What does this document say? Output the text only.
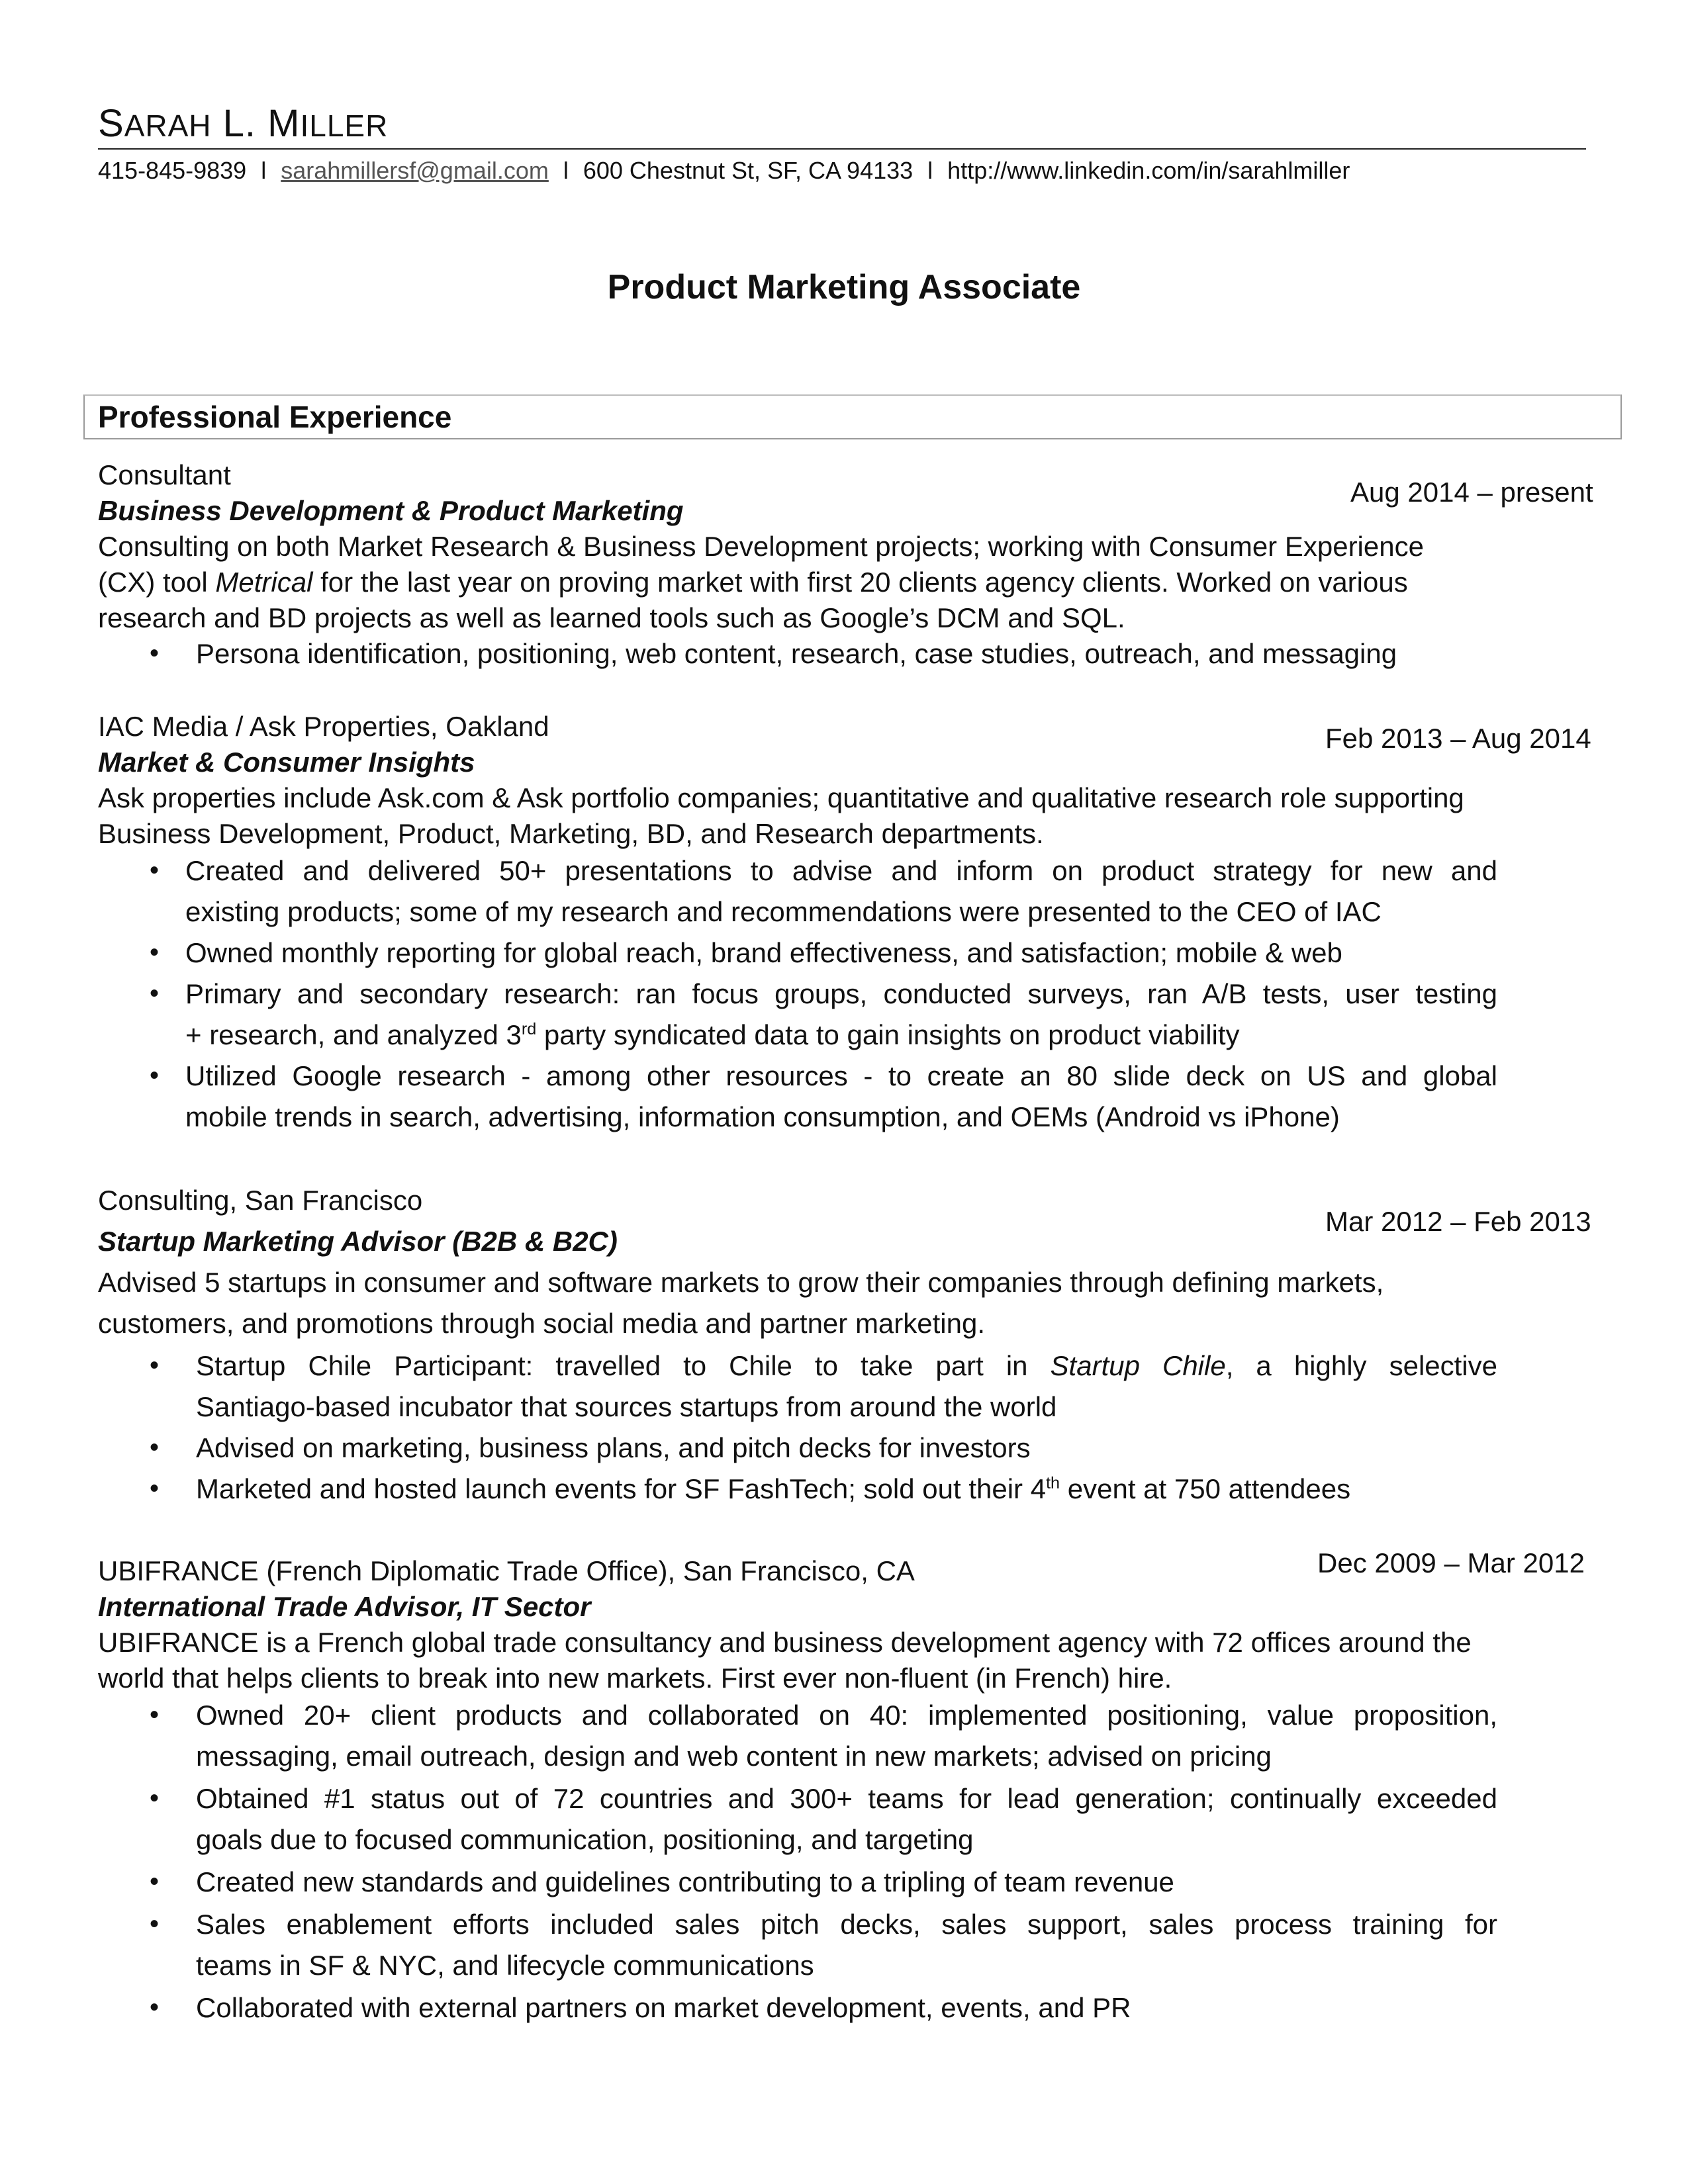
SARAH L. MILLER
415-845-9839 l sarahmillersf@gmail.com l 600 Chestnut St, SF, CA 94133 l http://www.linkedin.com/in/sarahlmiller
Product Marketing Associate
Professional Experience
Consultant
Aug 2014 – present
Business Development & Product Marketing
Consulting on both Market Research & Business Development projects; working with Consumer Experience
(CX) tool Metrical for the last year on proving market with first 20 clients agency clients. Worked on various
research and BD projects as well as learned tools such as Google’s DCM and SQL.
• Persona identification, positioning, web content, research, case studies, outreach, and messaging
IAC Media / Ask Properties, Oakland	Feb 2013 – Aug 2014
Market & Consumer Insights
Ask properties include Ask.com & Ask portfolio companies; quantitative and qualitative research role supporting
Business Development, Product, Marketing, BD, and Research departments.
• Created and delivered 50+ presentations to advise and inform on product strategy for new and
existing products; some of my research and recommendations were presented to the CEO of IAC
• Owned monthly reporting for global reach, brand effectiveness, and satisfaction; mobile & web
• Primary and secondary research: ran focus groups, conducted surveys, ran A/B tests, user testing
+ research, and analyzed 3rd party syndicated data to gain insights on product viability
• Utilized Google research - among other resources - to create an 80 slide deck on US and global
mobile trends in search, advertising, information consumption, and OEMs (Android vs iPhone)
Consulting, San Francisco
Mar 2012 – Feb 2013
Startup Marketing Advisor (B2B & B2C)
Advised 5 startups in consumer and software markets to grow their companies through defining markets,
customers, and promotions through social media and partner marketing.
• Startup Chile Participant: travelled to Chile to take part in Startup Chile, a highly selective
Santiago-based incubator that sources startups from around the world
• Advised on marketing, business plans, and pitch decks for investors
• Marketed and hosted launch events for SF FashTech; sold out their 4th event at 750 attendees
UBIFRANCE (French Diplomatic Trade Office), San Francisco, CA	Dec 2009 – Mar 2012
International Trade Advisor, IT Sector
UBIFRANCE is a French global trade consultancy and business development agency with 72 offices around the
world that helps clients to break into new markets. First ever non-fluent (in French) hire.
• Owned 20+ client products and collaborated on 40: implemented positioning, value proposition,
messaging, email outreach, design and web content in new markets; advised on pricing
• Obtained #1 status out of 72 countries and 300+ teams for lead generation; continually exceeded
goals due to focused communication, positioning, and targeting
• Created new standards and guidelines contributing to a tripling of team revenue
• Sales enablement efforts included sales pitch decks, sales support, sales process training for
teams in SF & NYC, and lifecycle communications
• Collaborated with external partners on market development, events, and PR
